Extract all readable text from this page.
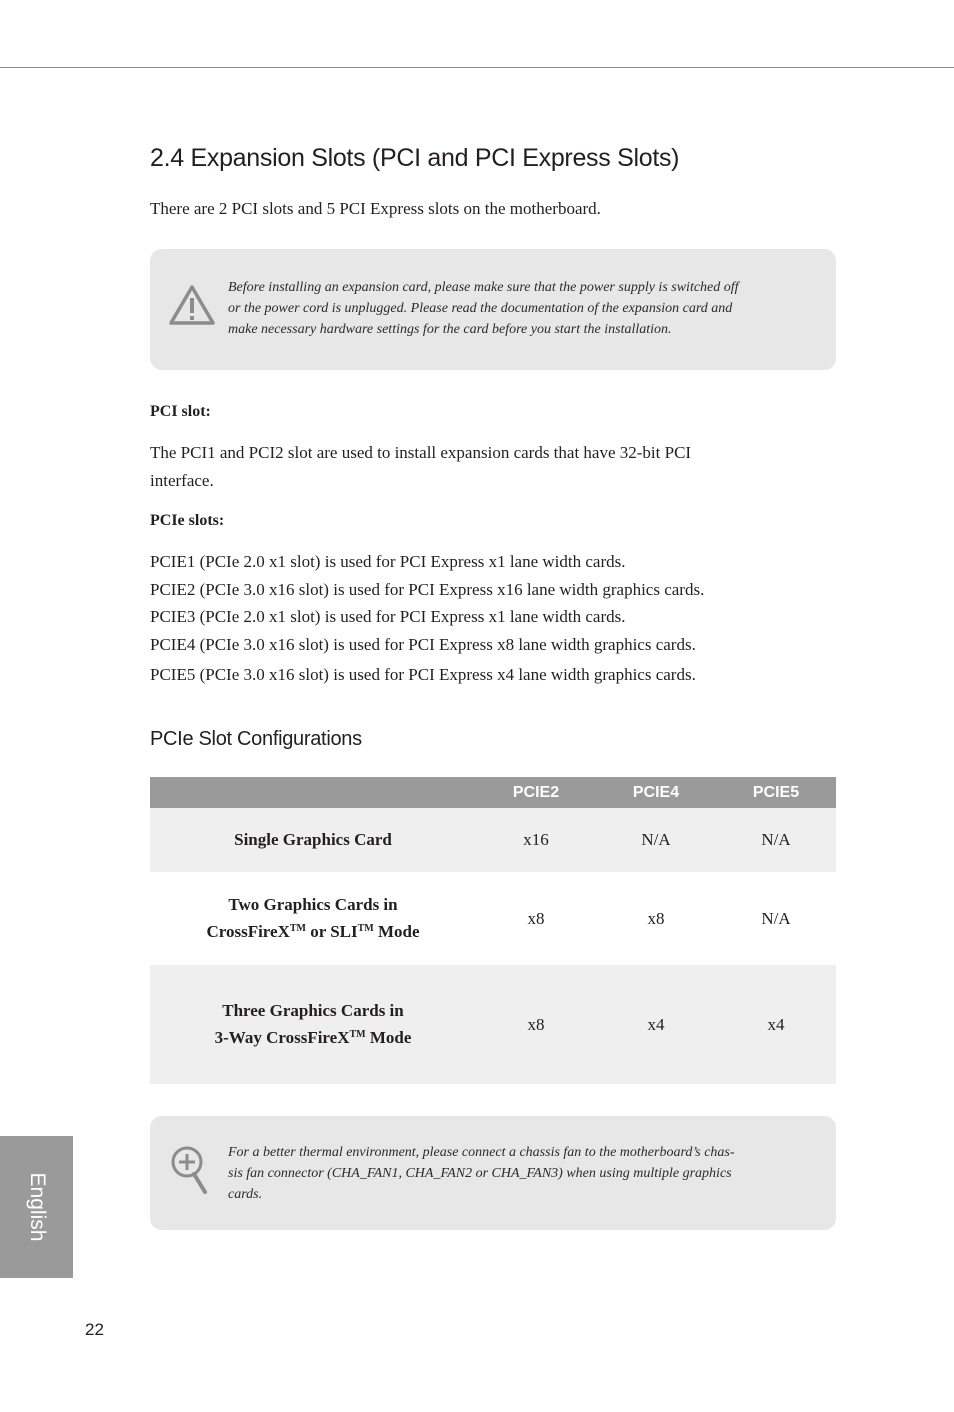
2.4 Expansion Slots (PCI and PCI Express Slots)
There are 2 PCI slots and 5 PCI Express slots on the motherboard.
Before installing an expansion card, please make sure that the power supply is switched off
or the power cord is unplugged. Please read the documentation of the expansion card and
make necessary hardware settings for the card before you start the installation.
PCI slot:
The PCI1 and PCI2 slot are used to install expansion cards that have 32-bit PCI
interface.
PCIe slots:
PCIE1 (PCIe 2.0 x1 slot) is used for PCI Express x1 lane width cards.
PCIE2 (PCIe 3.0 x16 slot) is used for PCI Express x16 lane width graphics cards.
PCIE3 (PCIe 2.0 x1 slot) is used for PCI Express x1 lane width cards.
PCIE4 (PCIe 3.0 x16 slot) is used for PCI Express x8 lane width graphics cards.
PCIE5 (PCIe 3.0 x16 slot) is used for PCI Express x4 lane width graphics cards.
PCIe Slot Configurations
PCIE2	PCIE4	PCIE5
Single Graphics Card	x16	N/A	N/A
Two Graphics Cards in
CrossFireX™ or SLI™ Mode
x8	x8	N/A
Three Graphics Cards in
3-Way CrossFireX™ Mode
x8	x4	x4
For a better thermal environment, please connect a chassis fan to the motherboard’s chas-
sis fan connector (CHA_FAN1, CHA_FAN2 or CHA_FAN3) when using multiple graphics
cards.
English
22
